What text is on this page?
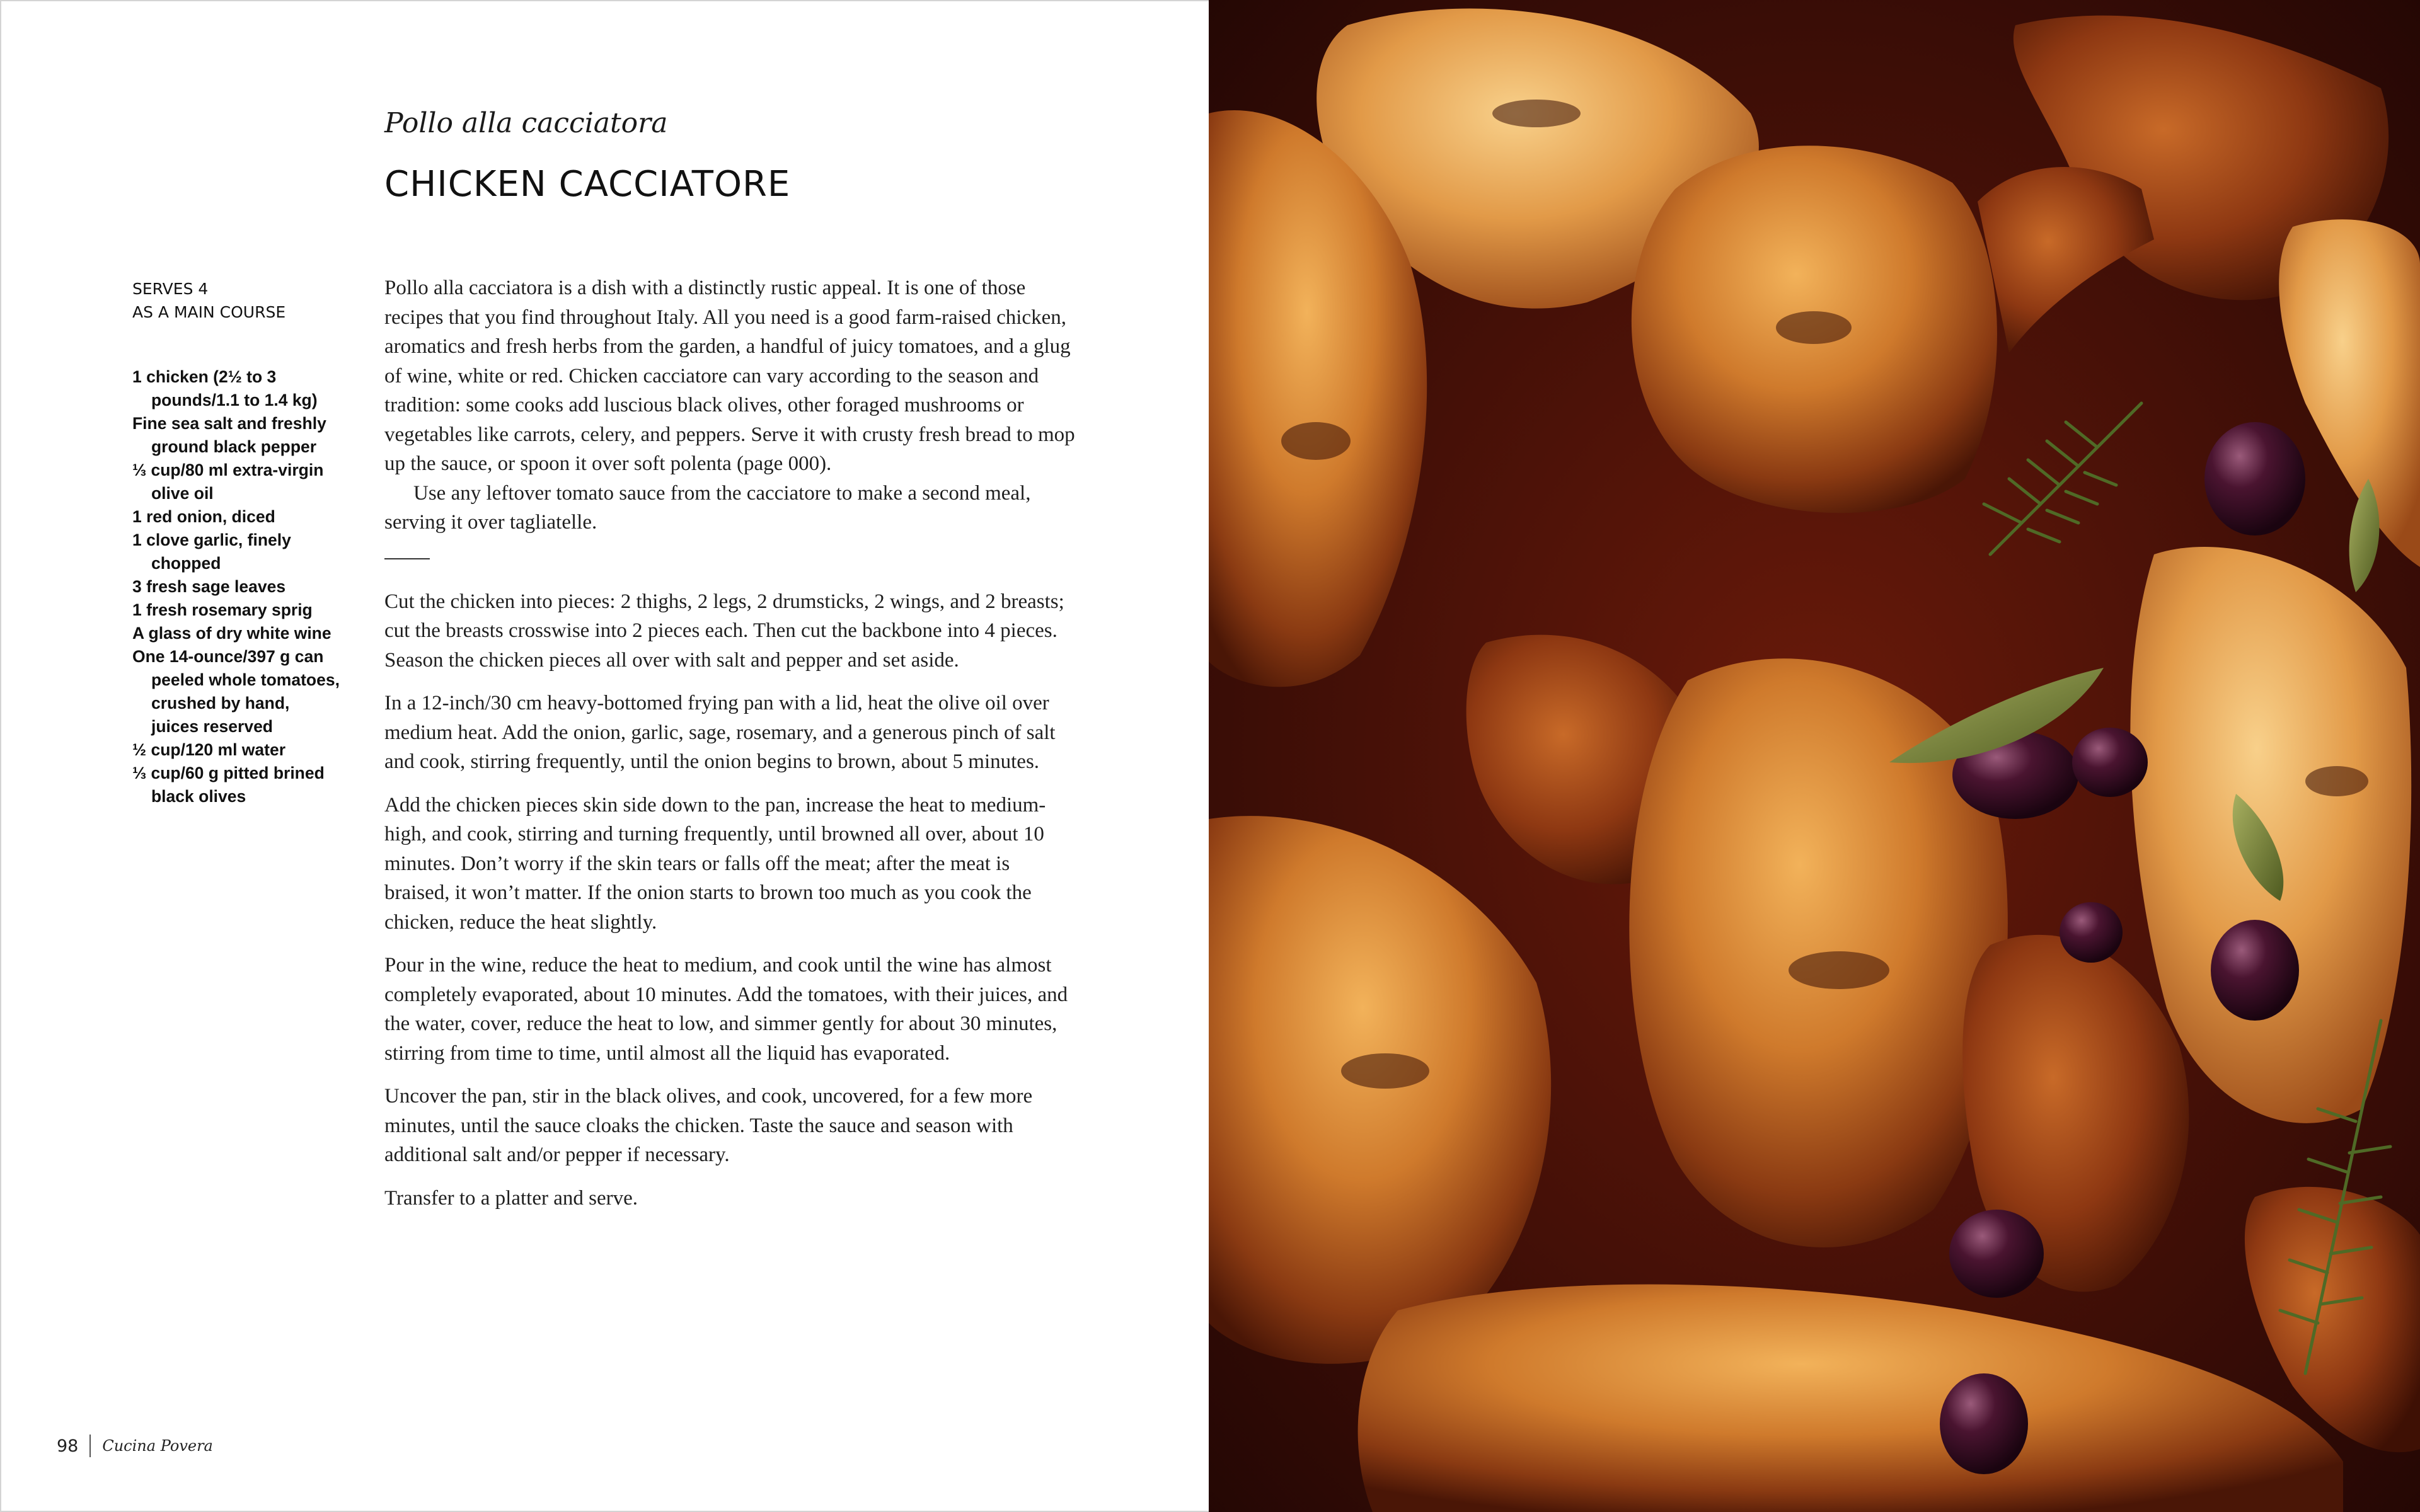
Pollo alla cacciatora
CHICKEN CACCIATORE
SERVES 4
AS A MAIN COURSE
1 chicken (2½ to 3 pounds/1.1 to 1.4 kg)
Fine sea salt and freshly ground black pepper
⅓ cup/80 ml extra-virgin olive oil
1 red onion, diced
1 clove garlic, finely chopped
3 fresh sage leaves
1 fresh rosemary sprig
A glass of dry white wine
One 14-ounce/397 g can peeled whole tomatoes, crushed by hand, juices reserved
½ cup/120 ml water
⅓ cup/60 g pitted brined black olives

Pollo alla cacciatora is a dish with a distinctly rustic appeal. It is one of those recipes that you find throughout Italy. All you need is a good farm-raised chicken, aromatics and fresh herbs from the garden, a handful of juicy tomatoes, and a glug of wine, white or red. Chicken cacciatore can vary according to the season and tradition: some cooks add luscious black olives, other foraged mushrooms or vegetables like carrots, celery, and peppers. Serve it with crusty fresh bread to mop up the sauce, or spoon it over soft polenta (page 000).

Use any leftover tomato sauce from the cacciatore to make a second meal, serving it over tagliatelle.

Cut the chicken into pieces: 2 thighs, 2 legs, 2 drumsticks, 2 wings, and 2 breasts; cut the breasts crosswise into 2 pieces each. Then cut the backbone into 4 pieces. Season the chicken pieces all over with salt and pepper and set aside.

In a 12-inch/30 cm heavy-bottomed frying pan with a lid, heat the olive oil over medium heat. Add the onion, garlic, sage, rosemary, and a generous pinch of salt and cook, stirring frequently, until the onion begins to brown, about 5 minutes.

Add the chicken pieces skin side down to the pan, increase the heat to medium-high, and cook, stirring and turning frequently, until browned all over, about 10 minutes. Don’t worry if the skin tears or falls off the meat; after the meat is braised, it won’t matter. If the onion starts to brown too much as you cook the chicken, reduce the heat slightly.

Pour in the wine, reduce the heat to medium, and cook until the wine has almost completely evaporated, about 10 minutes. Add the tomatoes, with their juices, and the water, cover, reduce the heat to low, and simmer gently for about 30 minutes, stirring from time to time, until almost all the liquid has evaporated.

Uncover the pan, stir in the black olives, and cook, uncovered, for a few more minutes, until the sauce cloaks the chicken. Taste the sauce and season with additional salt and/or pepper if necessary.

Transfer to a platter and serve.

98 Cucina Povera
